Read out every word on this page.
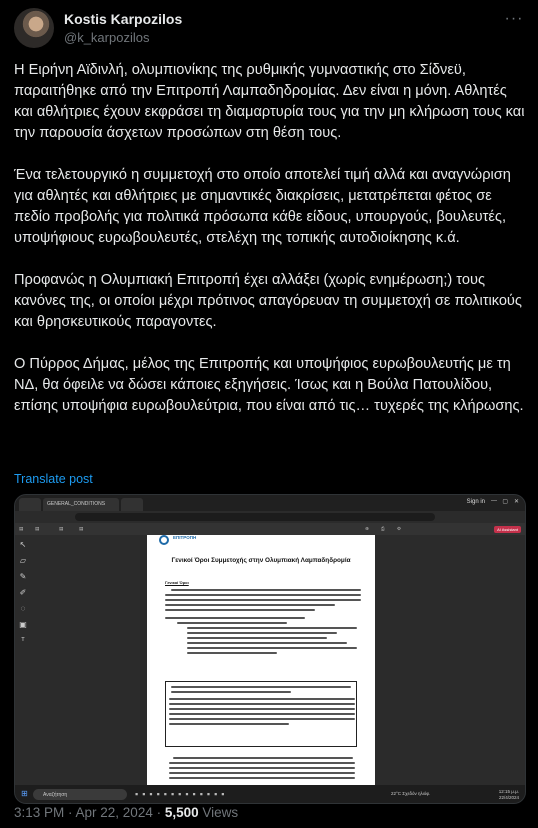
Kostis Karpozilos
@k_karpozilos
···

Η Ειρήνη Αϊδινλή, ολυμπιονίκης της ρυθμικής γυμναστικής στο Σίδνεϋ, παραιτήθηκε από την Επιτροπή Λαμπαδηδρομίας. Δεν είναι η μόνη. Αθλητές και αθλήτριες έχουν εκφράσει τη διαμαρτυρία τους για την μη κλήρωση τους και την παρουσία άσχετων προσώπων στη θέση τους.

Ένα τελετουργικό η συμμετοχή στο οποίο αποτελεί τιμή αλλά και αναγνώριση για αθλητές και αθλήτριες με σημαντικές διακρίσεις, μετατρέπεται φέτος σε πεδίο προβολής για πολιτικά πρόσωπα κάθε είδους, υπουργούς, βουλευτές, υποψήφιους ευρωβουλευτές, στελέχη της τοπικής αυτοδιοίκησης κ.ά.

Προφανώς η Ολυμπιακή Επιτροπή έχει αλλάξει (χωρίς ενημέρωση;) τους κανόνες της, οι οποίοι μέχρι πρότινος απαγόρευαν τη συμμετοχή σε πολιτικούς και θρησκευτικούς παραγοντες.

Ο Πύρρος Δήμας, μέλος της Επιτροπής και υποψήφιος ευρωβουλευτής με τη ΝΔ, θα όφειλε να δώσει κάποιες εξηγήσεις. Ίσως και η Βούλα Πατουλίδου, επίσης υποψήφια ευρωβουλεύτρια, που είναι από τις… τυχερές της κλήρωσης.

Translate post
GENERAL_CONDITIONS	Sign in — ▢ ✕
▤	▤	▤	▤	⊕	⎙	⚙	AI Assistant
↖
▱
✎
✐
◌
▣
ᵀ
ΕΠΙΤΡΟΠΗ
Γενικοί Όροι Συμμετοχής στην Ολυμπιακή Λαμπαδηδρομία
Γενικοί Όροι
⊞	Αναζήτηση	▪▪▪▪▪▪▪▪▪▪▪▪▪	22°C Σχεδόν ηλιόφ.	12:15 μ.μ.
22/4/2024
3:13 PM · Apr 22, 2024 · 5,500 Views
